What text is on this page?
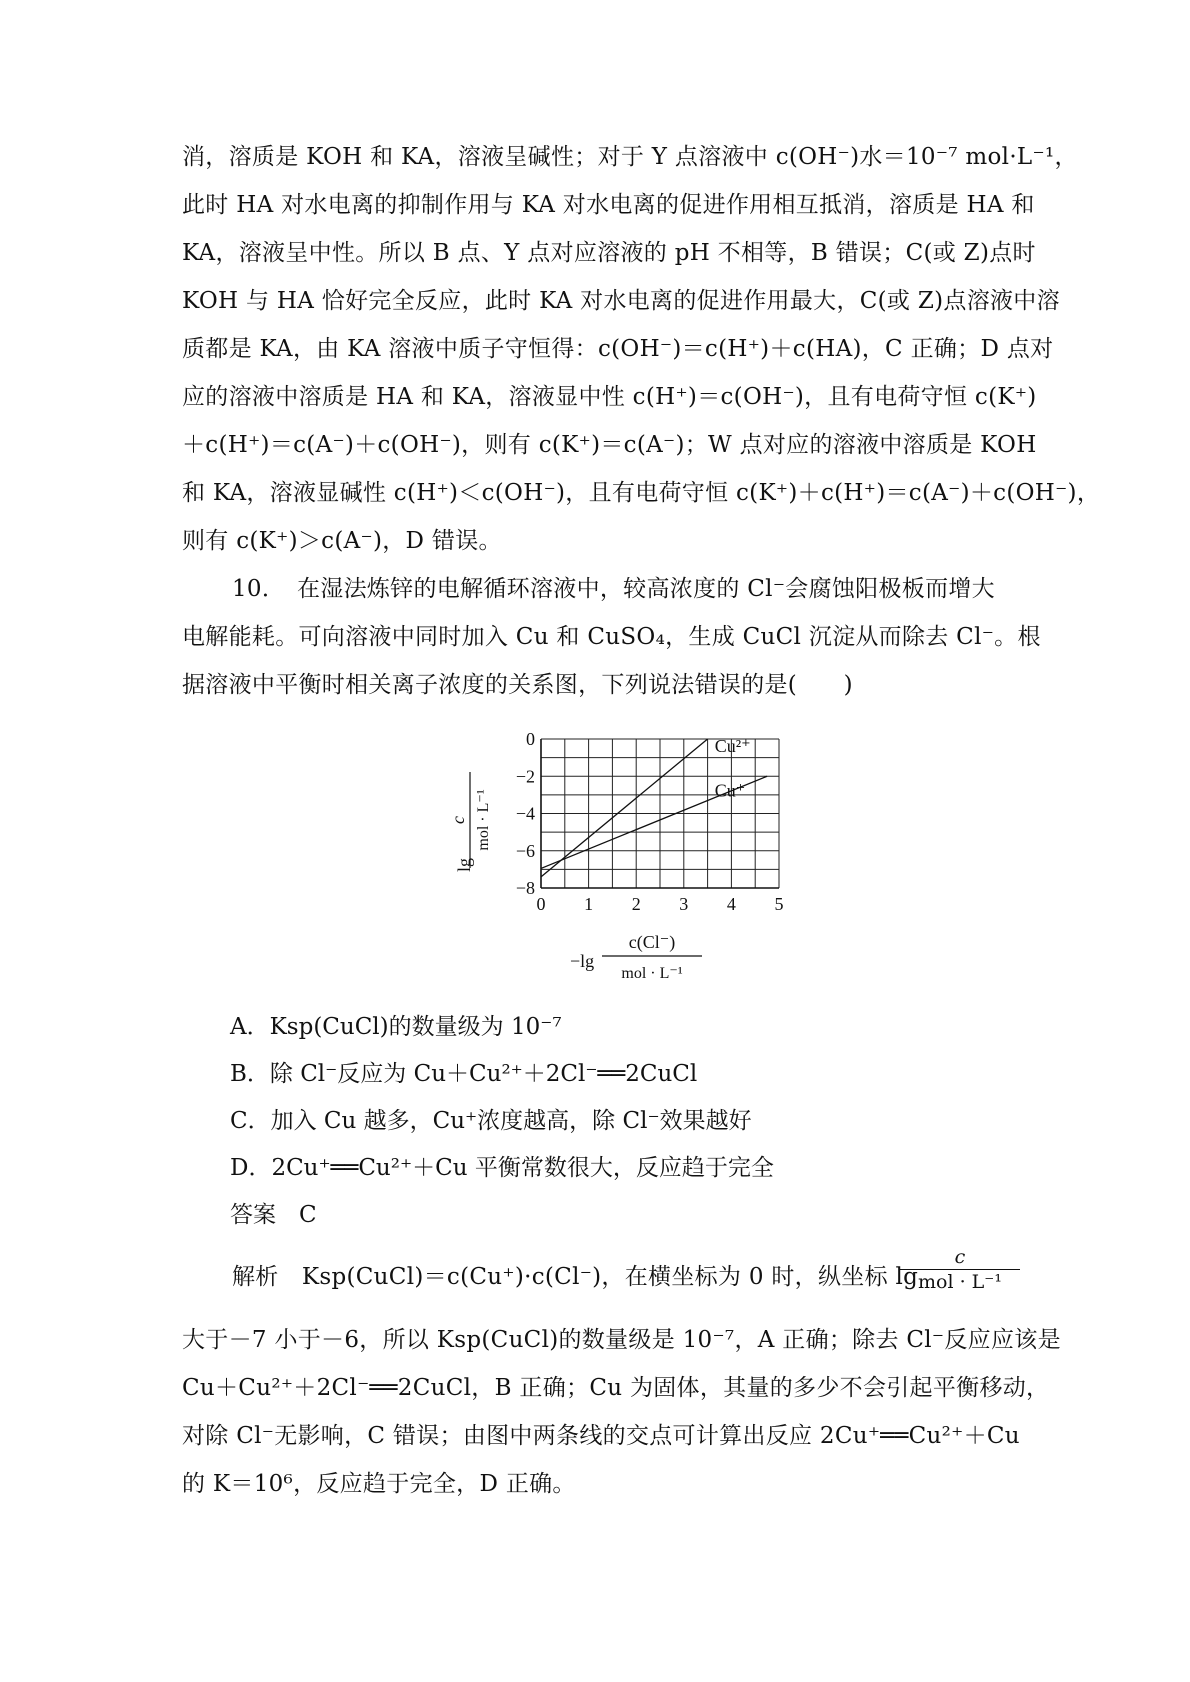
消，溶质是 KOH 和 KA，溶液呈碱性；对于 Y 点溶液中 c(OH⁻)水＝10⁻⁷ mol·L⁻¹，
此时 HA 对水电离的抑制作用与 KA 对水电离的促进作用相互抵消，溶质是 HA 和
KA，溶液呈中性。所以 B 点、Y 点对应溶液的 pH 不相等，B 错误；C(或 Z)点时
KOH 与 HA 恰好完全反应，此时 KA 对水电离的促进作用最大，C(或 Z)点溶液中溶
质都是 KA，由 KA 溶液中质子守恒得：c(OH⁻)＝c(H⁺)＋c(HA)，C 正确；D 点对
应的溶液中溶质是 HA 和 KA，溶液显中性 c(H⁺)＝c(OH⁻)，且有电荷守恒 c(K⁺)
＋c(H⁺)＝c(A⁻)＋c(OH⁻)，则有 c(K⁺)＝c(A⁻)；W 点对应的溶液中溶质是 KOH
和 KA，溶液显碱性 c(H⁺)＜c(OH⁻)，且有电荷守恒 c(K⁺)＋c(H⁺)＝c(A⁻)＋c(OH⁻)，
则有 c(K⁺)＞c(A⁻)，D 错误。
10．　在湿法炼锌的电解循环溶液中，较高浓度的 Cl⁻会腐蚀阳极板而增大
电解能耗。可向溶液中同时加入 Cu 和 CuSO₄，生成 CuCl 沉淀从而除去 Cl⁻。根
据溶液中平衡时相关离子浓度的关系图，下列说法错误的是(　　)
Cu²⁺
Cu⁺
0 1 2 3 4 5
0
−2
−4
−6
−8
lg
c mol · L⁻¹
−lg
c(Cl⁻)
mol · L⁻¹
A．Ksp(CuCl)的数量级为 10⁻⁷
B．除 Cl⁻反应为 Cu＋Cu²⁺＋2Cl⁻══2CuCl
C．加入 Cu 越多，Cu⁺浓度越高，除 Cl⁻效果越好
D．2Cu⁺══Cu²⁺＋Cu 平衡常数很大，反应趋于完全
答案　C
解析　Ksp(CuCl)＝c(Cu⁺)·c(Cl⁻)，在横坐标为 0 时，纵坐标 lg
c
mol · L⁻¹
大于－7 小于－6，所以 Ksp(CuCl)的数量级是 10⁻⁷，A 正确；除去 Cl⁻反应应该是
Cu＋Cu²⁺＋2Cl⁻══2CuCl，B 正确；Cu 为固体，其量的多少不会引起平衡移动，
对除 Cl⁻无影响，C 错误；由图中两条线的交点可计算出反应 2Cu⁺══Cu²⁺＋Cu
的 K＝10⁶，反应趋于完全，D 正确。
